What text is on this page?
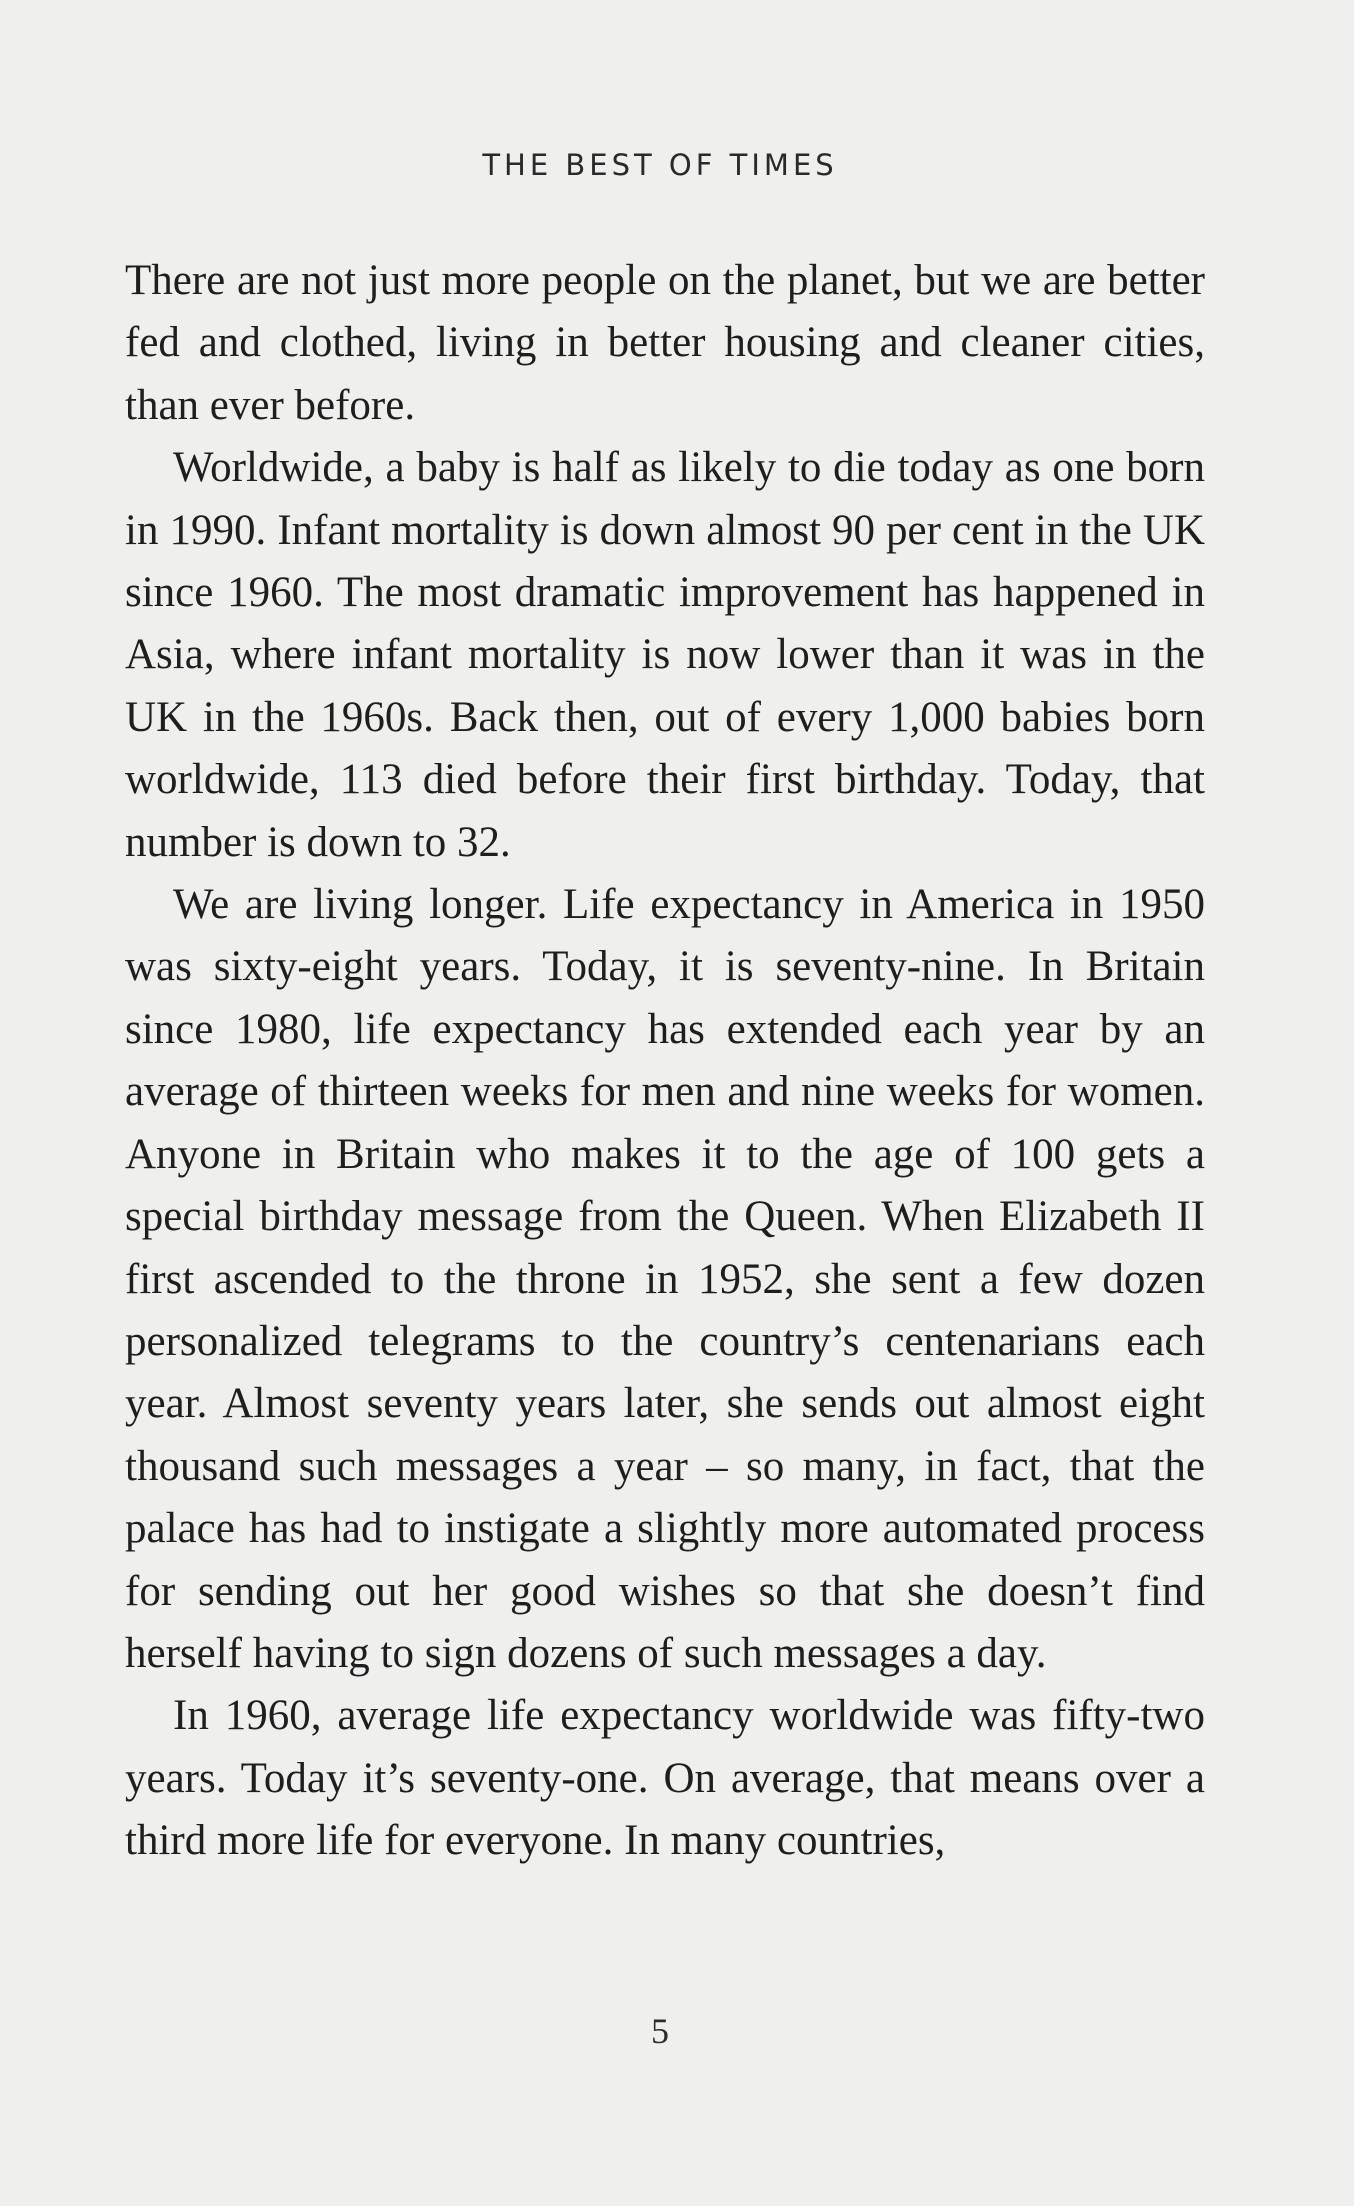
THE BEST OF TIMES

There are not just more people on the planet, but we are better fed and clothed, living in better housing and cleaner cities, than ever before.

Worldwide, a baby is half as likely to die today as one born in 1990. Infant mortality is down almost 90 per cent in the UK since 1960. The most dramatic improvement has happened in Asia, where infant mortality is now lower than it was in the UK in the 1960s. Back then, out of every 1,000 babies born worldwide, 113 died before their first birthday. Today, that number is down to 32.

We are living longer. Life expectancy in America in 1950 was sixty-eight years. Today, it is seventy-nine. In Britain since 1980, life expectancy has extended each year by an average of thirteen weeks for men and nine weeks for women. Anyone in Britain who makes it to the age of 100 gets a special birthday message from the Queen. When Elizabeth II first ascended to the throne in 1952, she sent a few dozen personalized telegrams to the country’s centenarians each year. Almost seventy years later, she sends out almost eight thousand such messages a year – so many, in fact, that the palace has had to instigate a slightly more automated process for sending out her good wishes so that she doesn’t find herself having to sign dozens of such messages a day.

In 1960, average life expectancy worldwide was fifty-two years. Today it’s seventy-one. On average, that means over a third more life for everyone. In many countries,

5
